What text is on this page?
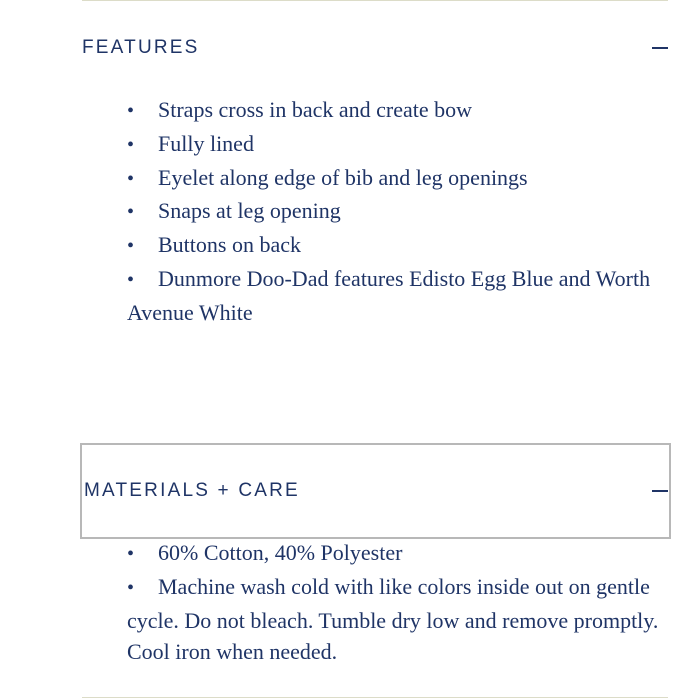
FEATURES
• Straps cross in back and create bow
• Fully lined
• Eyelet along edge of bib and leg openings
• Snaps at leg opening
• Buttons on back
• Dunmore Doo-Dad features Edisto Egg Blue and Worth Avenue White
MATERIALS + CARE
• 60% Cotton, 40% Polyester
• Machine wash cold with like colors inside out on gentle cycle. Do not bleach. Tumble dry low and remove promptly. Cool iron when needed.
